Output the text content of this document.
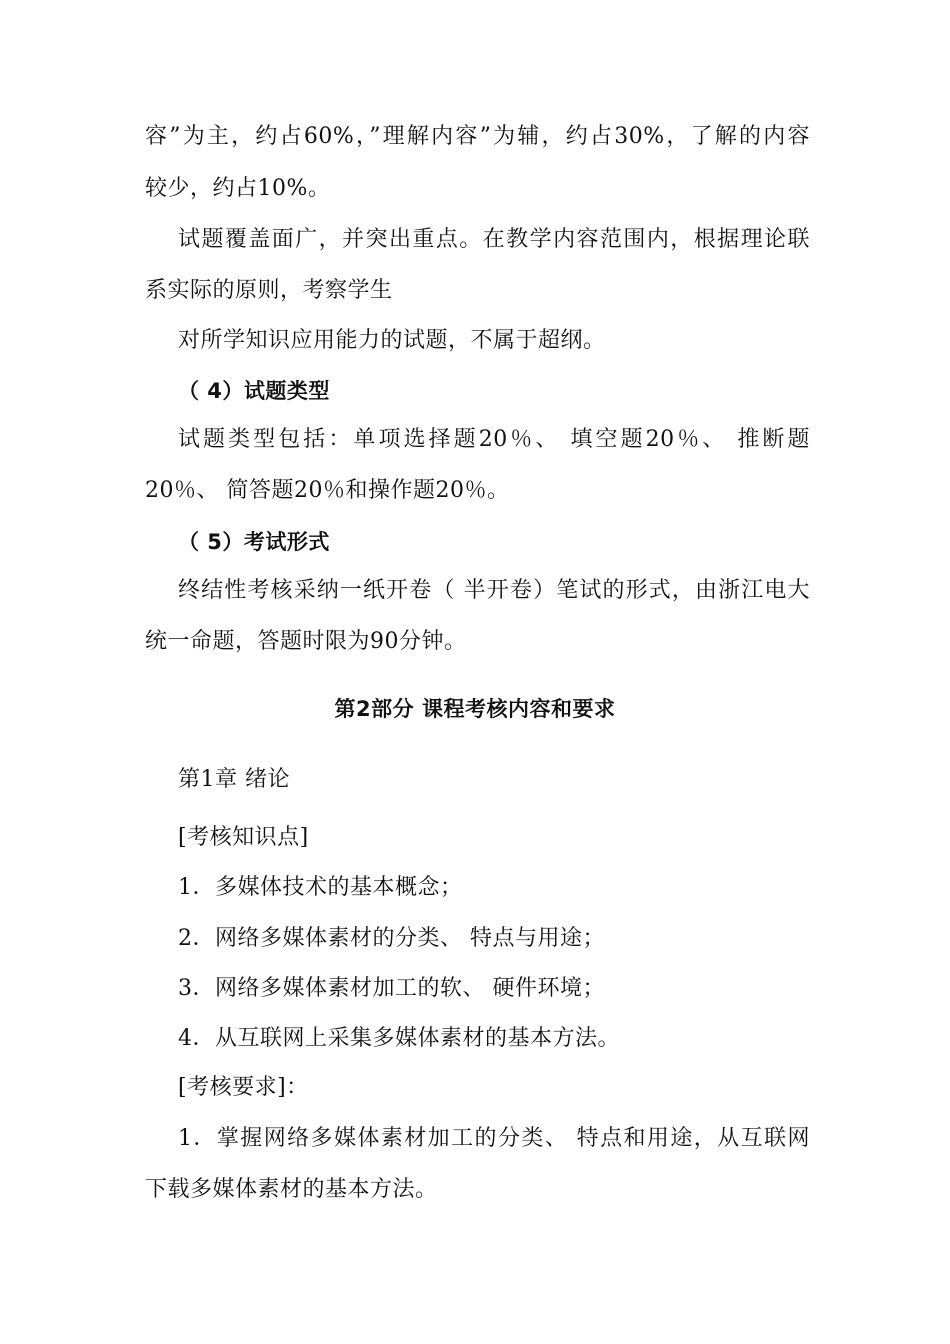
容”为主，约占60%，”理解内容”为辅，约占30%，了解的内容
较少，约占10%。
试题覆盖面广，并突出重点。在教学内容范围内，根据理论联
系实际的原则，考察学生
对所学知识应用能力的试题，不属于超纲。
（ 4）试题类型
试题类型包括：单项选择题20％、 填空题20％、 推断题
20％、 简答题20％和操作题20％。
（ 5）考试形式
终结性考核采纳一纸开卷（ 半开卷）笔试的形式，由浙江电大
统一命题，答题时限为90分钟。
第2部分 课程考核内容和要求
第1章 绪论
[考核知识点]
1．多媒体技术的基本概念；
2．网络多媒体素材的分类、 特点与用途；
3．网络多媒体素材加工的软、 硬件环境；
4．从互联网上采集多媒体素材的基本方法。
[考核要求]：
1．掌握网络多媒体素材加工的分类、 特点和用途，从互联网
下载多媒体素材的基本方法。
